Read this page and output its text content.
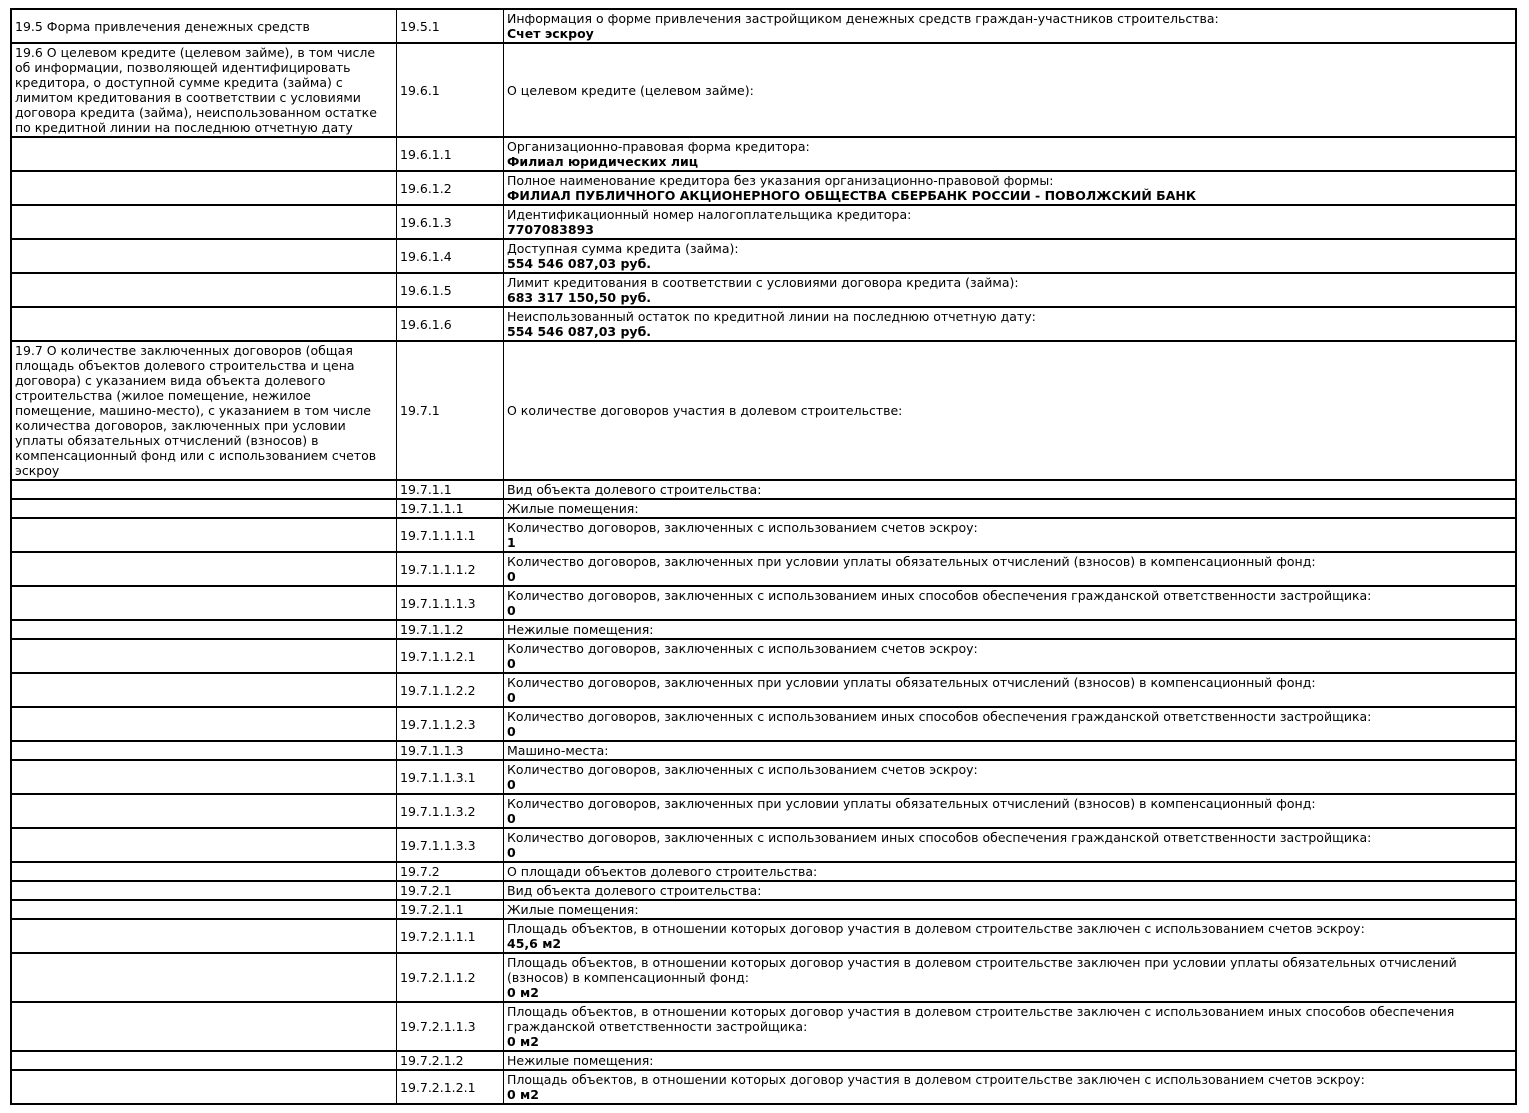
19.5 Форма привлечения денежных средств	19.5.1	Информация о форме привлечения застройщиком денежных средств граждан-участников строительства:
Счет эскроу

19.6 О целевом кредите (целевом займе), в том числе об информации, позволяющей идентифицировать кредитора, о доступной сумме кредита (займа) с лимитом кредитования в соответствии с условиями договора кредита (займа), неиспользованном остатке по кредитной линии на последнюю отчетную дату	19.6.1	О целевом кредите (целевом займе):

	19.6.1.1	Организационно-правовая форма кредитора:
Филиал юридических лиц

	19.6.1.2	Полное наименование кредитора без указания организационно-правовой формы:
ФИЛИАЛ ПУБЛИЧНОГО АКЦИОНЕРНОГО ОБЩЕСТВА СБЕРБАНК РОССИИ - ПОВОЛЖСКИЙ БАНК

	19.6.1.3	Идентификационный номер налогоплательщика кредитора:
7707083893

	19.6.1.4	Доступная сумма кредита (займа):
554 546 087,03 руб.

	19.6.1.5	Лимит кредитования в соответствии с условиями договора кредита (займа):
683 317 150,50 руб.

	19.6.1.6	Неиспользованный остаток по кредитной линии на последнюю отчетную дату:
554 546 087,03 руб.

19.7 О количестве заключенных договоров (общая площадь объектов долевого строительства и цена договора) с указанием вида объекта долевого строительства (жилое помещение, нежилое помещение, машино-место), с указанием в том числе количества договоров, заключенных при условии уплаты обязательных отчислений (взносов) в компенсационный фонд или с использованием счетов эскроу	19.7.1	О количестве договоров участия в долевом строительстве:

	19.7.1.1	Вид объекта долевого строительства:

	19.7.1.1.1	Жилые помещения:

	19.7.1.1.1.1	Количество договоров, заключенных с использованием счетов эскроу:
1

	19.7.1.1.1.2	Количество договоров, заключенных при условии уплаты обязательных отчислений (взносов) в компенсационный фонд:
0

	19.7.1.1.1.3	Количество договоров, заключенных с использованием иных способов обеспечения гражданской ответственности застройщика:
0

	19.7.1.1.2	Нежилые помещения:

	19.7.1.1.2.1	Количество договоров, заключенных с использованием счетов эскроу:
0

	19.7.1.1.2.2	Количество договоров, заключенных при условии уплаты обязательных отчислений (взносов) в компенсационный фонд:
0

	19.7.1.1.2.3	Количество договоров, заключенных с использованием иных способов обеспечения гражданской ответственности застройщика:
0

	19.7.1.1.3	Машино-места:

	19.7.1.1.3.1	Количество договоров, заключенных с использованием счетов эскроу:
0

	19.7.1.1.3.2	Количество договоров, заключенных при условии уплаты обязательных отчислений (взносов) в компенсационный фонд:
0

	19.7.1.1.3.3	Количество договоров, заключенных с использованием иных способов обеспечения гражданской ответственности застройщика:
0

	19.7.2	О площади объектов долевого строительства:

	19.7.2.1	Вид объекта долевого строительства:

	19.7.2.1.1	Жилые помещения:

	19.7.2.1.1.1	Площадь объектов, в отношении которых договор участия в долевом строительстве заключен с использованием счетов эскроу:
45,6 м2

	19.7.2.1.1.2	Площадь объектов, в отношении которых договор участия в долевом строительстве заключен при условии уплаты обязательных отчислений (взносов) в компенсационный фонд:
0 м2

	19.7.2.1.1.3	Площадь объектов, в отношении которых договор участия в долевом строительстве заключен с использованием иных способов обеспечения гражданской ответственности застройщика:
0 м2

	19.7.2.1.2	Нежилые помещения:

	19.7.2.1.2.1	Площадь объектов, в отношении которых договор участия в долевом строительстве заключен с использованием счетов эскроу:
0 м2
